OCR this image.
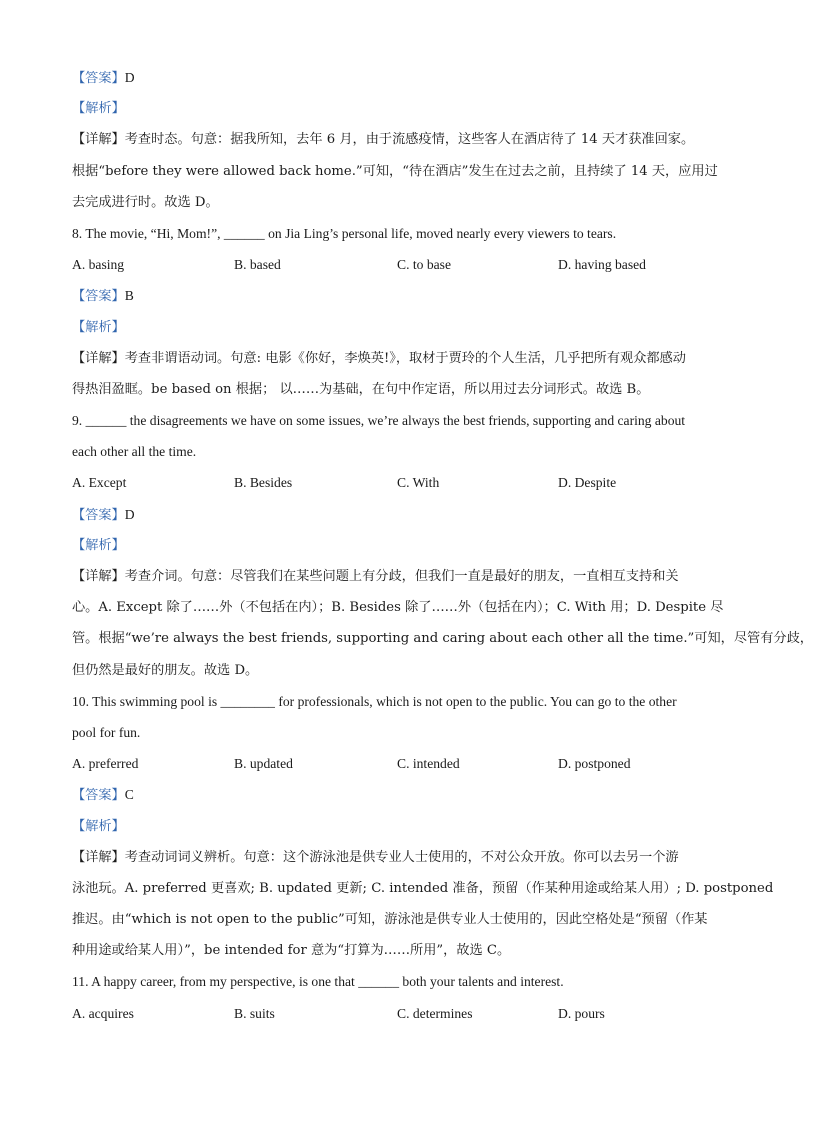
【答案】D
【解析】
【详解】考查时态。句意：据我所知，去年 6 月，由于流感疫情，这些客人在酒店待了 14 天才获准回家。
根据“before they were allowed back home.”可知，“待在酒店”发生在过去之前，且持续了 14 天，应用过
去完成进行时。故选 D。
8. The movie, “Hi, Mom!”, ______ on Jia Ling’s personal life, moved nearly every viewers to tears.
A. basing	B. based	C. to base	D. having based
【答案】B
【解析】
【详解】考查非谓语动词。句意: 电影《你好，李焕英!》，取材于贾玲的个人生活，几乎把所有观众都感动
得热泪盈眶。be based on 根据； 以……为基础，在句中作定语，所以用过去分词形式。故选 B。
9. ______ the disagreements we have on some issues, we’re always the best friends, supporting and caring about
each other all the time.
A. Except	B. Besides	C. With	D. Despite
【答案】D
【解析】
【详解】考查介词。句意：尽管我们在某些问题上有分歧，但我们一直是最好的朋友，一直相互支持和关
心。A. Except 除了……外（不包括在内）；B. Besides 除了……外（包括在内）；C. With 用；D. Despite 尽
管。根据“we’re always the best friends, supporting and caring about each other all the time.”可知，尽管有分歧，
但仍然是最好的朋友。故选 D。
10. This swimming pool is ________ for professionals, which is not open to the public. You can go to the other
pool for fun.
A. preferred	B. updated	C. intended	D. postponed
【答案】C
【解析】
【详解】考查动词词义辨析。句意：这个游泳池是供专业人士使用的，不对公众开放。你可以去另一个游
泳池玩。A. preferred 更喜欢; B. updated 更新; C. intended 准备，预留（作某种用途或给某人用）; D. postponed
推迟。由“which is not open to the public”可知，游泳池是供专业人士使用的，因此空格处是“预留（作某
种用途或给某人用）”，be intended for 意为“打算为……所用”，故选 C。
11. A happy career, from my perspective, is one that ______ both your talents and interest.
A. acquires	B. suits	C. determines	D. pours
